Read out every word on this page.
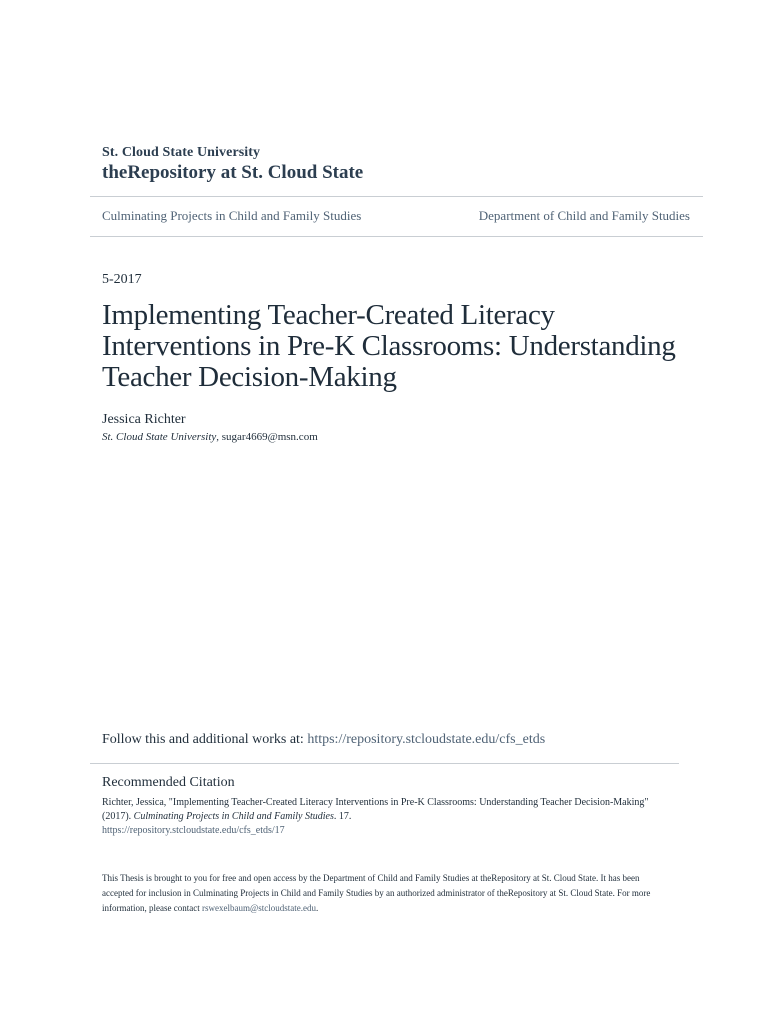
St. Cloud State University
theRepository at St. Cloud State
Culminating Projects in Child and Family Studies	Department of Child and Family Studies
5-2017
Implementing Teacher-Created Literacy Interventions in Pre-K Classrooms: Understanding Teacher Decision-Making
Jessica Richter
St. Cloud State University, sugar4669@msn.com
Follow this and additional works at: https://repository.stcloudstate.edu/cfs_etds
Recommended Citation
Richter, Jessica, "Implementing Teacher-Created Literacy Interventions in Pre-K Classrooms: Understanding Teacher Decision-Making" (2017). Culminating Projects in Child and Family Studies. 17.
https://repository.stcloudstate.edu/cfs_etds/17
This Thesis is brought to you for free and open access by the Department of Child and Family Studies at theRepository at St. Cloud State. It has been accepted for inclusion in Culminating Projects in Child and Family Studies by an authorized administrator of theRepository at St. Cloud State. For more information, please contact rswexelbaum@stcloudstate.edu.
